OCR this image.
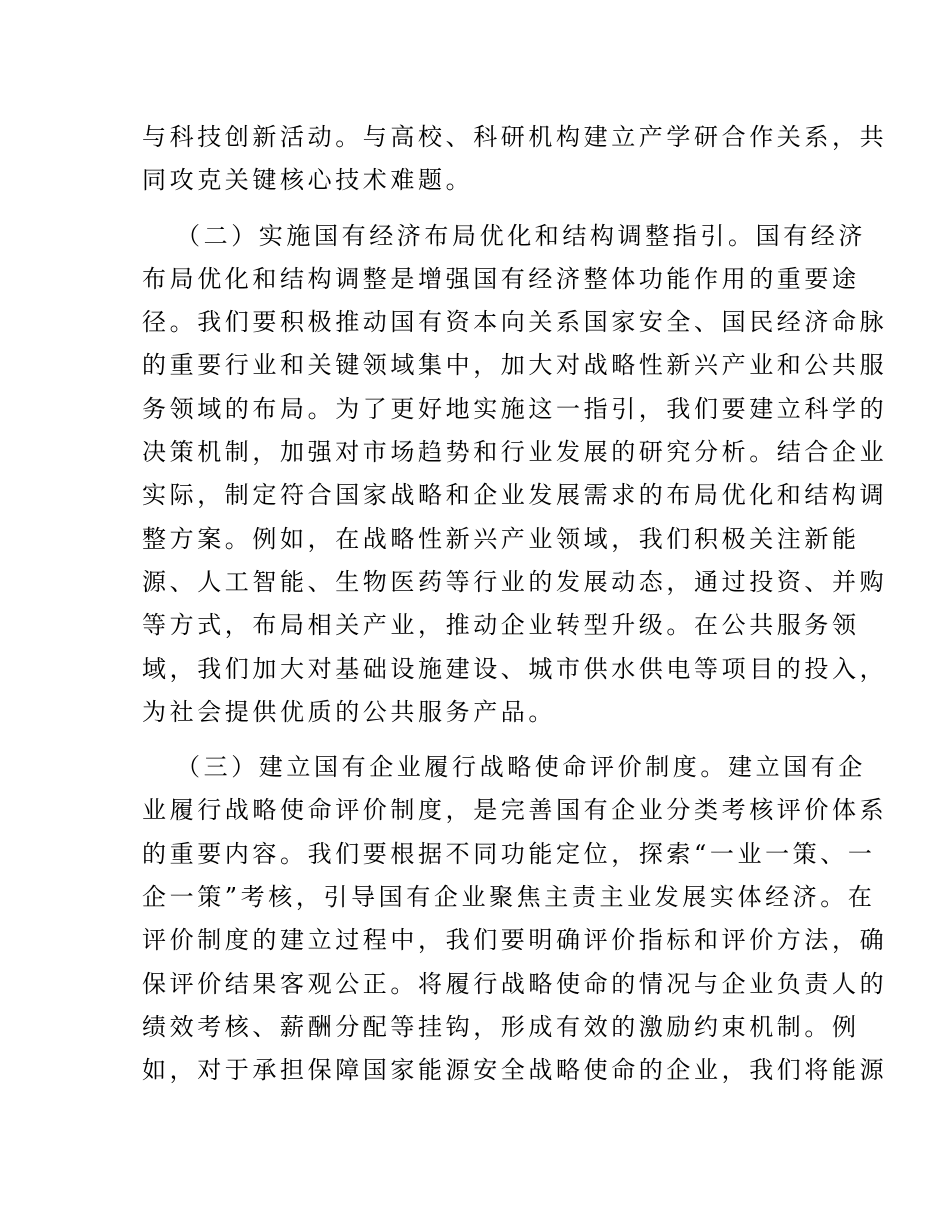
与科技创新活动。与高校、科研机构建立产学研合作关系，共
同攻克关键核心技术难题。

（二）实施国有经济布局优化和结构调整指引。国有经济
布局优化和结构调整是增强国有经济整体功能作用的重要途
径。我们要积极推动国有资本向关系国家安全、国民经济命脉
的重要行业和关键领域集中，加大对战略性新兴产业和公共服
务领域的布局。为了更好地实施这一指引，我们要建立科学的
决策机制，加强对市场趋势和行业发展的研究分析。结合企业
实际，制定符合国家战略和企业发展需求的布局优化和结构调
整方案。例如，在战略性新兴产业领域，我们积极关注新能
源、人工智能、生物医药等行业的发展动态，通过投资、并购
等方式，布局相关产业，推动企业转型升级。在公共服务领
域，我们加大对基础设施建设、城市供水供电等项目的投入，
为社会提供优质的公共服务产品。

（三）建立国有企业履行战略使命评价制度。建立国有企
业履行战略使命评价制度，是完善国有企业分类考核评价体系
的重要内容。我们要根据不同功能定位，探索“一业一策、一
企一策”考核，引导国有企业聚焦主责主业发展实体经济。在
评价制度的建立过程中，我们要明确评价指标和评价方法，确
保评价结果客观公正。将履行战略使命的情况与企业负责人的
绩效考核、薪酬分配等挂钩，形成有效的激励约束机制。例
如，对于承担保障国家能源安全战略使命的企业，我们将能源
